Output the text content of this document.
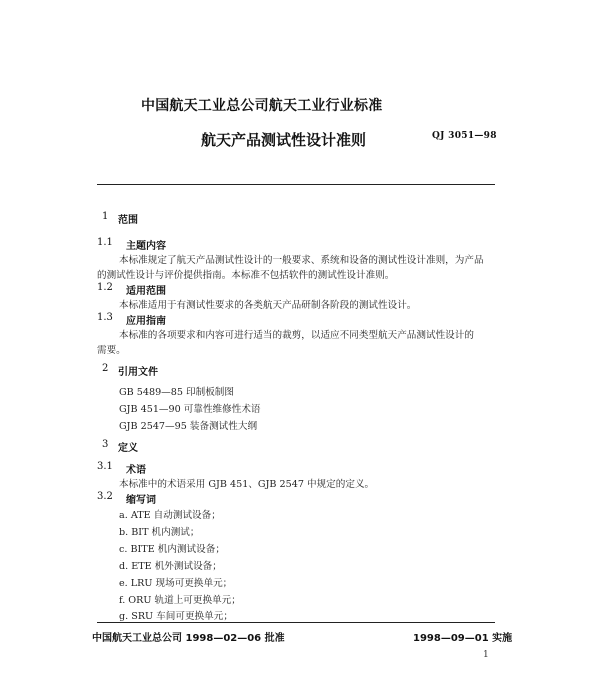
中国航天工业总公司航天工业行业标准
航天产品测试性设计准则	QJ 3051—98
1 范围
1.1 主题内容
本标准规定了航天产品测试性设计的一般要求、系统和设备的测试性设计准则，为产品
的测试性设计与评价提供指南。本标准不包括软件的测试性设计准则。
1.2 适用范围
本标准适用于有测试性要求的各类航天产品研制各阶段的测试性设计。
1.3 应用指南
本标准的各项要求和内容可进行适当的裁剪，以适应不同类型航天产品测试性设计的
需要。
2 引用文件
GB 5489—85 印制板制图
GJB 451—90 可靠性维修性术语
GJB 2547—95 装备测试性大纲
3 定义
3.1 术语
本标准中的术语采用 GJB 451、GJB 2547 中规定的定义。
3.2 缩写词
a. ATE 自动测试设备；
b. BIT 机内测试；
c. BITE 机内测试设备；
d. ETE 机外测试设备；
e. LRU 现场可更换单元；
f. ORU 轨道上可更换单元；
g. SRU 车间可更换单元；
中国航天工业总公司 1998—02—06 批准	1998—09—01 实施
1
